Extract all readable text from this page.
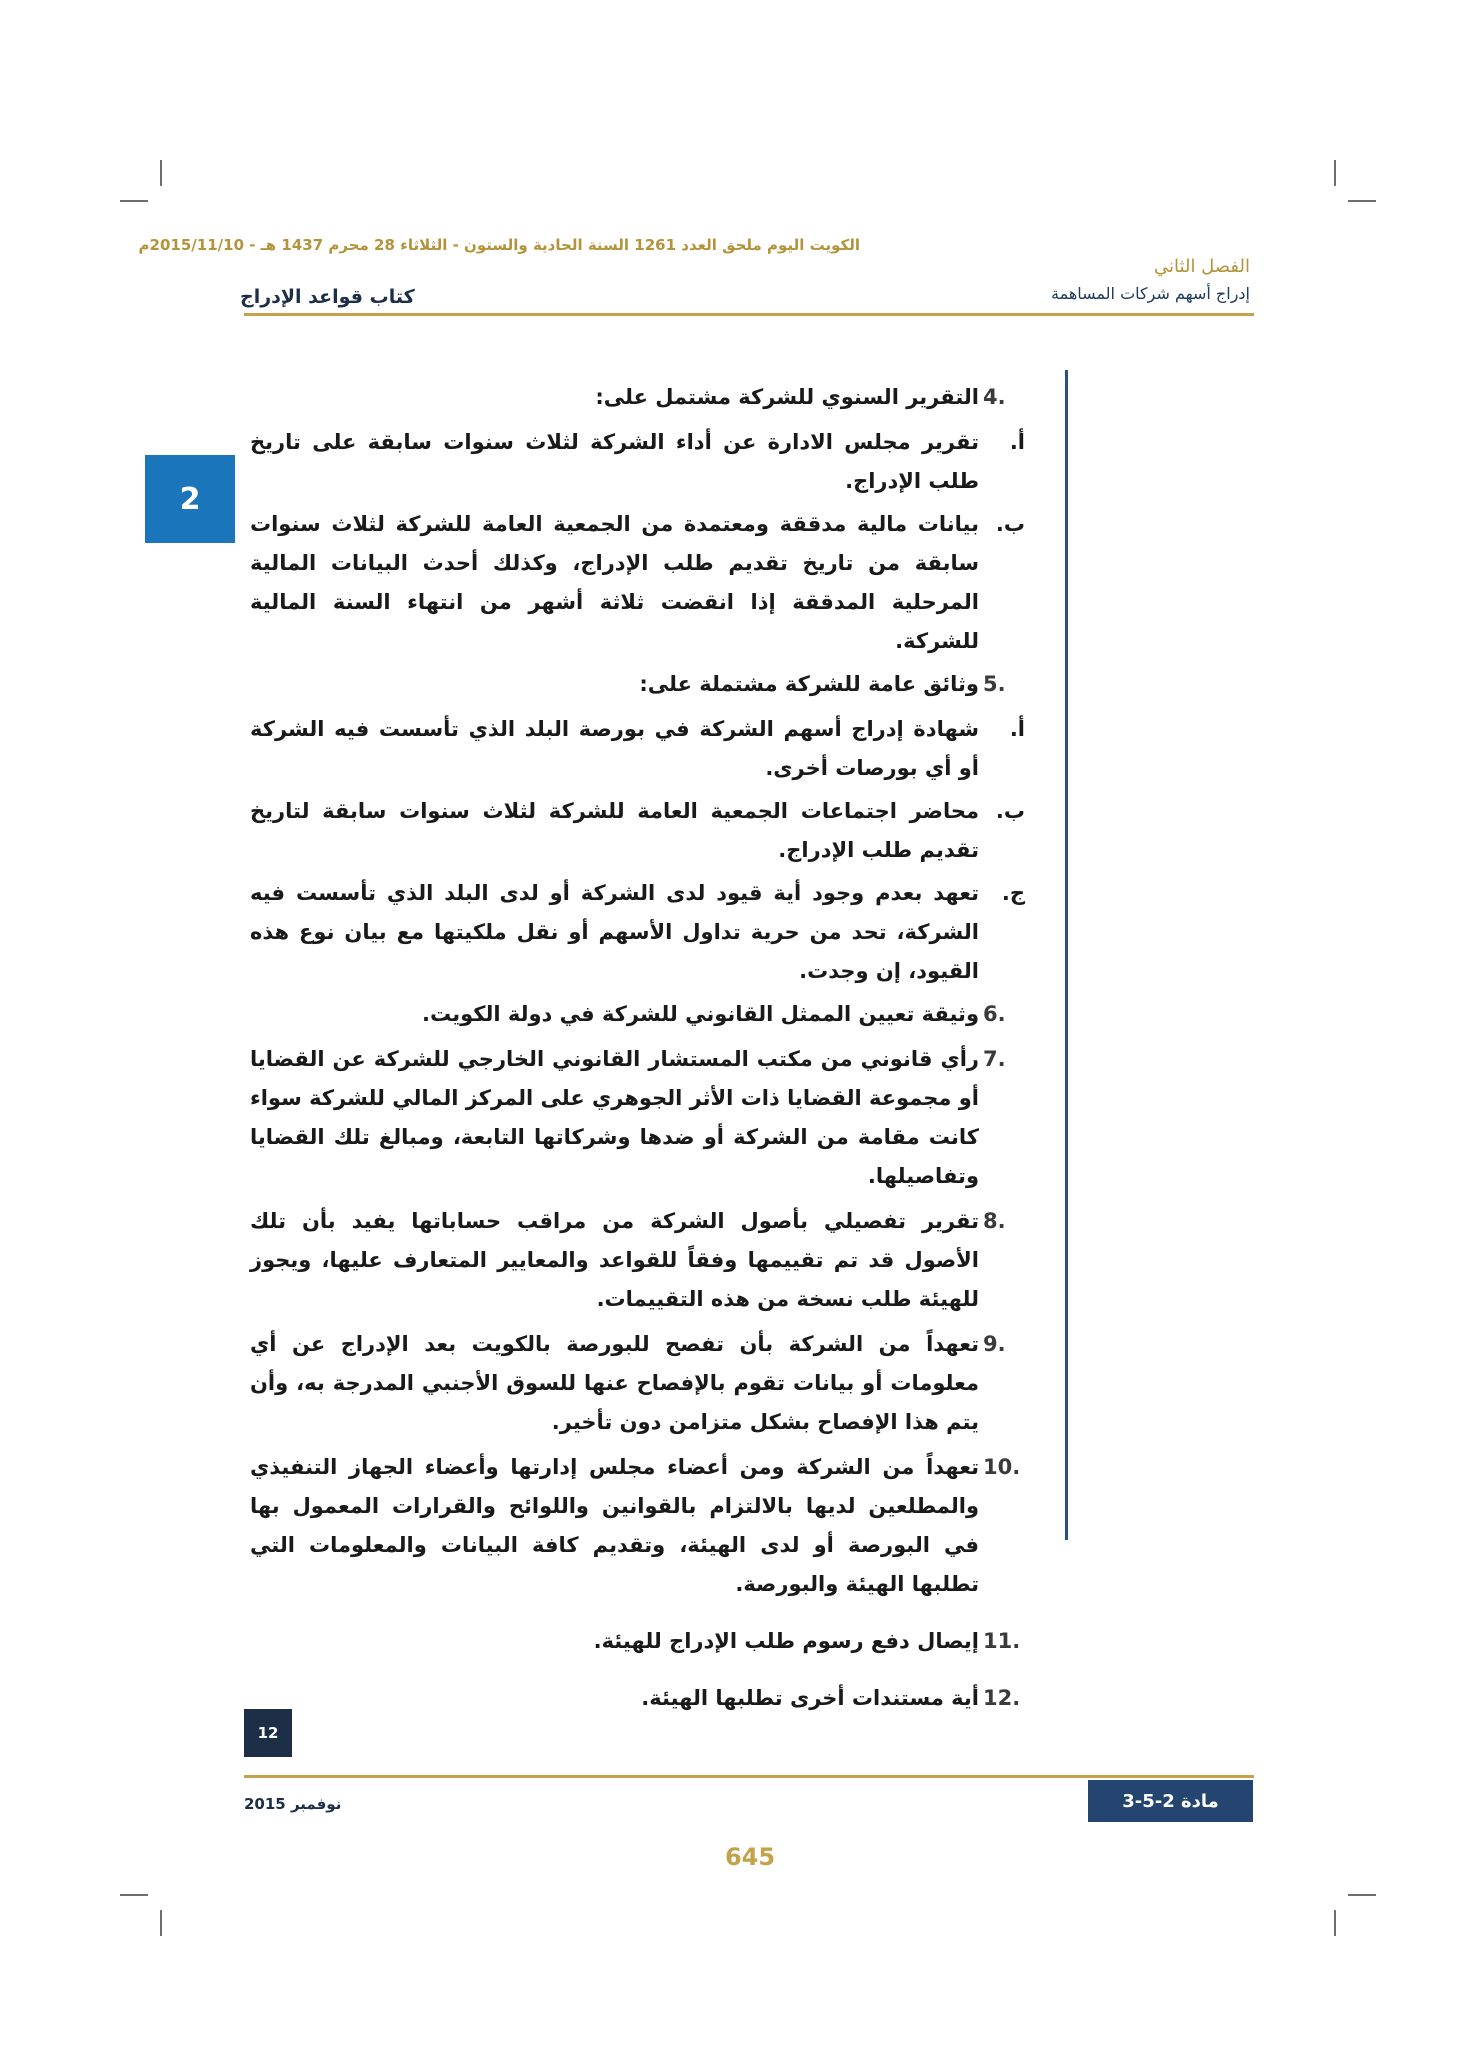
الكويت اليوم ملحق العدد 1261 السنة الحادية والستون - الثلاثاء 28 محرم 1437 هـ - 2015/11/10م
كتاب قواعد الإدراج
الفصل الثاني
إدراج أسهم شركات المساهمة
2
4.
التقرير السنوي للشركة مشتمل على:
أ.
تقرير مجلس الادارة عن أداء الشركة لثلاث سنوات سابقة على تاريخ طلب الإدراج.
ب.
بيانات مالية مدققة ومعتمدة من الجمعية العامة للشركة لثلاث سنوات سابقة من تاريخ تقديم طلب الإدراج، وكذلك أحدث البيانات المالية المرحلية المدققة إذا انقضت ثلاثة أشهر من انتهاء السنة المالية للشركة.
5.
وثائق عامة للشركة مشتملة على:
أ.
شهادة إدراج أسهم الشركة في بورصة البلد الذي تأسست فيه الشركة أو أي بورصات أخرى.
ب.
محاضر اجتماعات الجمعية العامة للشركة لثلاث سنوات سابقة لتاريخ تقديم طلب الإدراج.
ج.
تعهد بعدم وجود أية قيود لدى الشركة أو لدى البلد الذي تأسست فيه الشركة، تحد من حرية تداول الأسهم أو نقل ملكيتها مع بيان نوع هذه القيود، إن وجدت.
6.
وثيقة تعيين الممثل القانوني للشركة في دولة الكويت.
7.
رأي قانوني من مكتب المستشار القانوني الخارجي للشركة عن القضايا أو مجموعة القضايا ذات الأثر الجوهري على المركز المالي للشركة سواء كانت مقامة من الشركة أو ضدها وشركاتها التابعة، ومبالغ تلك القضايا وتفاصيلها.
8.
تقرير تفصيلي بأصول الشركة من مراقب حساباتها يفيد بأن تلك الأصول قد تم تقييمها وفقاً للقواعد والمعايير المتعارف عليها، ويجوز للهيئة طلب نسخة من هذه التقييمات.
9.
تعهداً من الشركة بأن تفصح للبورصة بالكويت بعد الإدراج عن أي معلومات أو بيانات تقوم بالإفصاح عنها للسوق الأجنبي المدرجة به، وأن يتم هذا الإفصاح بشكل متزامن دون تأخير.
10.
تعهداً من الشركة ومن أعضاء مجلس إدارتها وأعضاء الجهاز التنفيذي والمطلعين لديها بالالتزام بالقوانين واللوائح والقرارات المعمول بها في البورصة أو لدى الهيئة، وتقديم كافة البيانات والمعلومات التي تطلبها الهيئة والبورصة.
11.
إيصال دفع رسوم طلب الإدراج للهيئة.
12.
أية مستندات أخرى تطلبها الهيئة.
12
نوفمبر 2015	مادة 2-5-3
645
